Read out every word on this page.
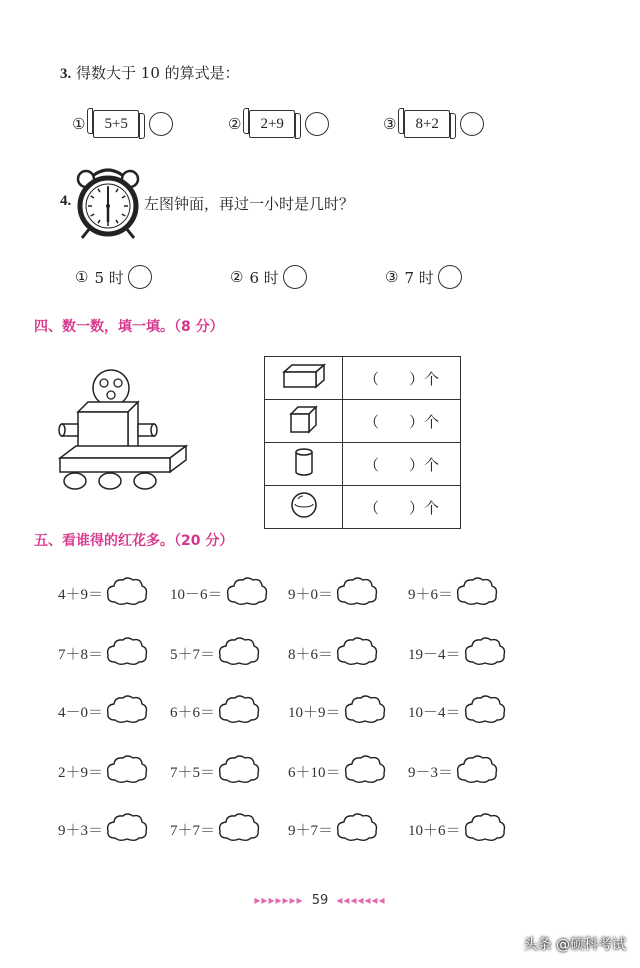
3. 得数大于 10 的算式是：
①	5+5	②	2+9	③	8+2
4.	左图钟面，再过一小时是几时？
① 5 时	② 6 时	③ 7 时
四、数一数，填一填。（8 分）
	（　　）个
	（　　）个
	（　　）个
	（　　）个
五、看谁得的红花多。（20 分）
4＋9＝	10－6＝	9＋0＝	9＋6＝
7＋8＝	5＋7＝	8＋6＝	19－4＝
4－0＝	6＋6＝	10＋9＝	10－4＝
2＋9＝	7＋5＝	6＋10＝	9－3＝
9＋3＝	7＋7＝	9＋7＝	10＋6＝
▸▸▸▸▸▸▸ 59 ◂◂◂◂◂◂◂
头条 @硕科考试
